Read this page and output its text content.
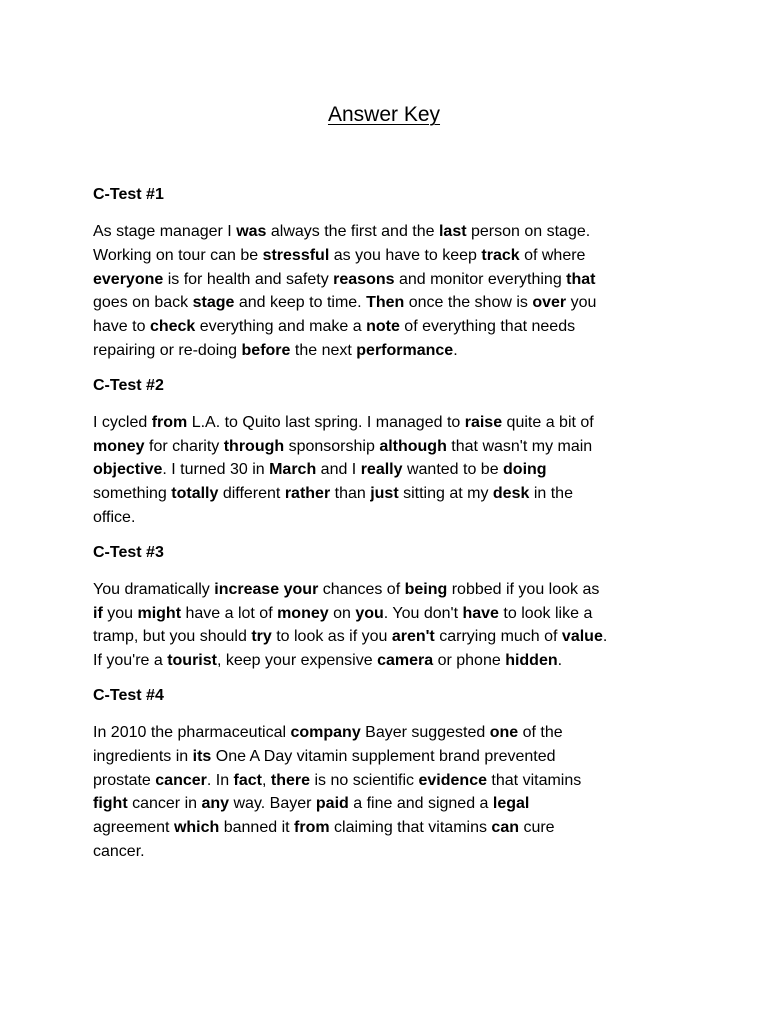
Answer Key
C-Test #1
As stage manager I was always the first and the last person on stage.
Working on tour can be stressful as you have to keep track of where
everyone is for health and safety reasons and monitor everything that
goes on back stage and keep to time. Then once the show is over you
have to check everything and make a note of everything that needs
repairing or re-doing before the next performance.
C-Test #2
I cycled from L.A. to Quito last spring. I managed to raise quite a bit of
money for charity through sponsorship although that wasn't my main
objective. I turned 30 in March and I really wanted to be doing
something totally different rather than just sitting at my desk in the
office.
C-Test #3
You dramatically increase your chances of being robbed if you look as
if you might have a lot of money on you. You don't have to look like a
tramp, but you should try to look as if you aren't carrying much of value.
If you're a tourist, keep your expensive camera or phone hidden.
C-Test #4
In 2010 the pharmaceutical company Bayer suggested one of the
ingredients in its One A Day vitamin supplement brand prevented
prostate cancer. In fact, there is no scientific evidence that vitamins
fight cancer in any way. Bayer paid a fine and signed a legal
agreement which banned it from claiming that vitamins can cure
cancer.
